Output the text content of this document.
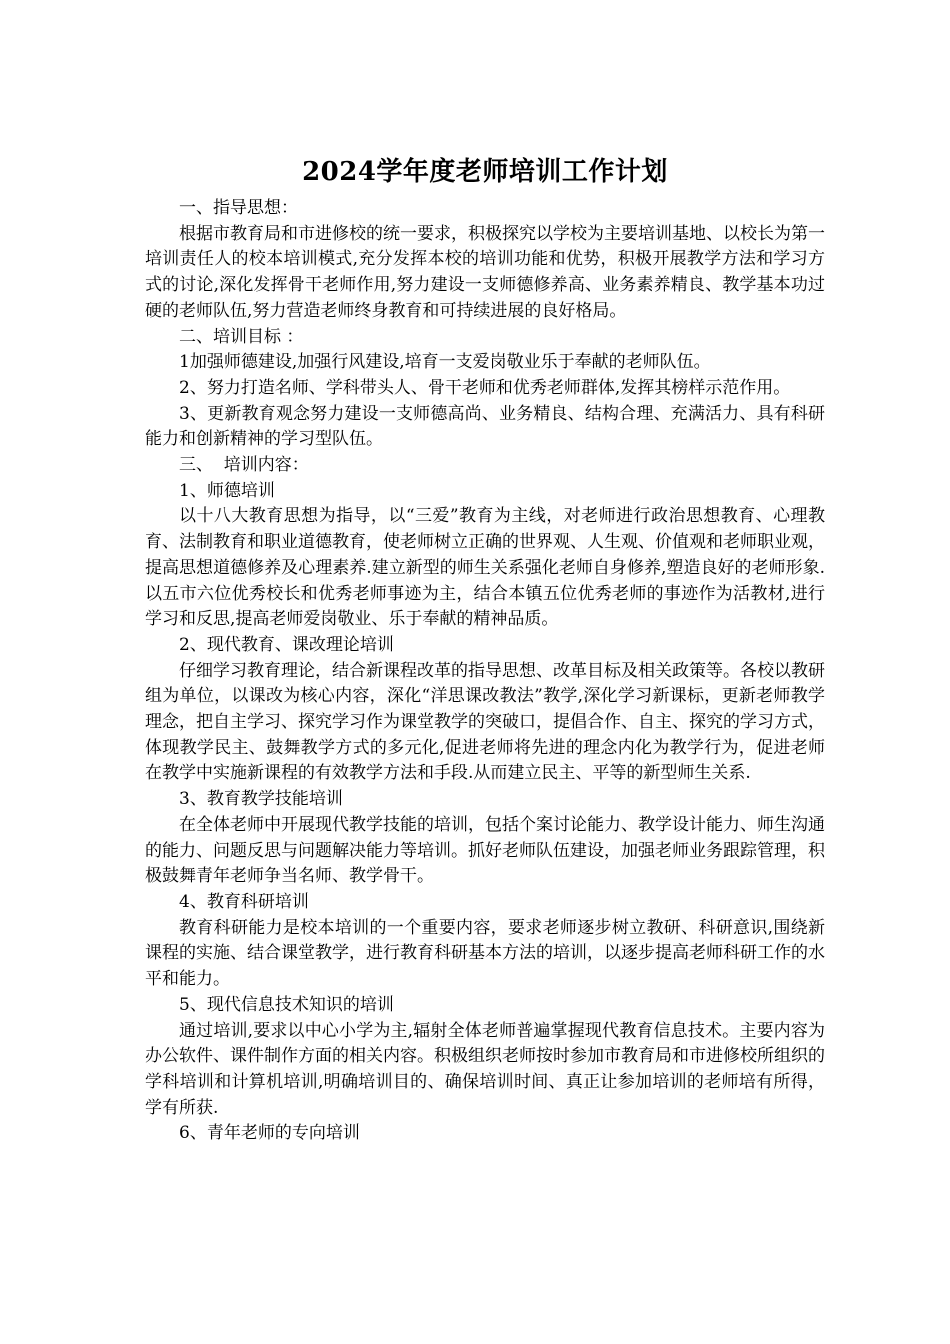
2024学年度老师培训工作计划

一、指导思想：

根据市教育局和市进修校的统一要求，积极探究以学校为主要培训基地、以校长为第一培训责任人的校本培训模式,充分发挥本校的培训功能和优势，积极开展教学方法和学习方式的讨论,深化发挥骨干老师作用,努力建设一支师德修养高、业务素养精良、教学基本功过硬的老师队伍,努力营造老师终身教育和可持续进展的良好格局。

二、培训目标 ：

1加强师德建设,加强行风建设,培育一支爱岗敬业乐于奉献的老师队伍。

2、努力打造名师、学科带头人、骨干老师和优秀老师群体,发挥其榜样示范作用。

3、更新教育观念努力建设一支师德高尚、业务精良、结构合理、充满活力、具有科研能力和创新精神的学习型队伍。

三、  培训内容：

1、师德培训

以十八大教育思想为指导，以“三爱”教育为主线，对老师进行政治思想教育、心理教育、法制教育和职业道德教育，使老师树立正确的世界观、人生观、价值观和老师职业观，提高思想道德修养及心理素养.建立新型的师生关系强化老师自身修养,塑造良好的老师形象.以五市六位优秀校长和优秀老师事迹为主，结合本镇五位优秀老师的事迹作为活教材,进行学习和反思,提高老师爱岗敬业、乐于奉献的精神品质。

2、现代教育、课改理论培训

仔细学习教育理论，结合新课程改革的指导思想、改革目标及相关政策等。各校以教研组为单位，以课改为核心内容，深化“洋思课改教法”教学,深化学习新课标，更新老师教学理念，把自主学习、探究学习作为课堂教学的突破口，提倡合作、自主、探究的学习方式，体现教学民主、鼓舞教学方式的多元化,促进老师将先进的理念内化为教学行为，促进老师在教学中实施新课程的有效教学方法和手段.从而建立民主、平等的新型师生关系.

3、教育教学技能培训

在全体老师中开展现代教学技能的培训，包括个案讨论能力、教学设计能力、师生沟通的能力、问题反思与问题解决能力等培训。抓好老师队伍建设，加强老师业务跟踪管理，积极鼓舞青年老师争当名师、教学骨干。

4、教育科研培训

教育科研能力是校本培训的一个重要内容，要求老师逐步树立教研、科研意识,围绕新课程的实施、结合课堂教学，进行教育科研基本方法的培训，以逐步提高老师科研工作的水平和能力。

5、现代信息技术知识的培训

通过培训,要求以中心小学为主,辐射全体老师普遍掌握现代教育信息技术。主要内容为办公软件、课件制作方面的相关内容。积极组织老师按时参加市教育局和市进修校所组织的学科培训和计算机培训,明确培训目的、确保培训时间、真正让参加培训的老师培有所得，学有所获.

6、青年老师的专向培训
